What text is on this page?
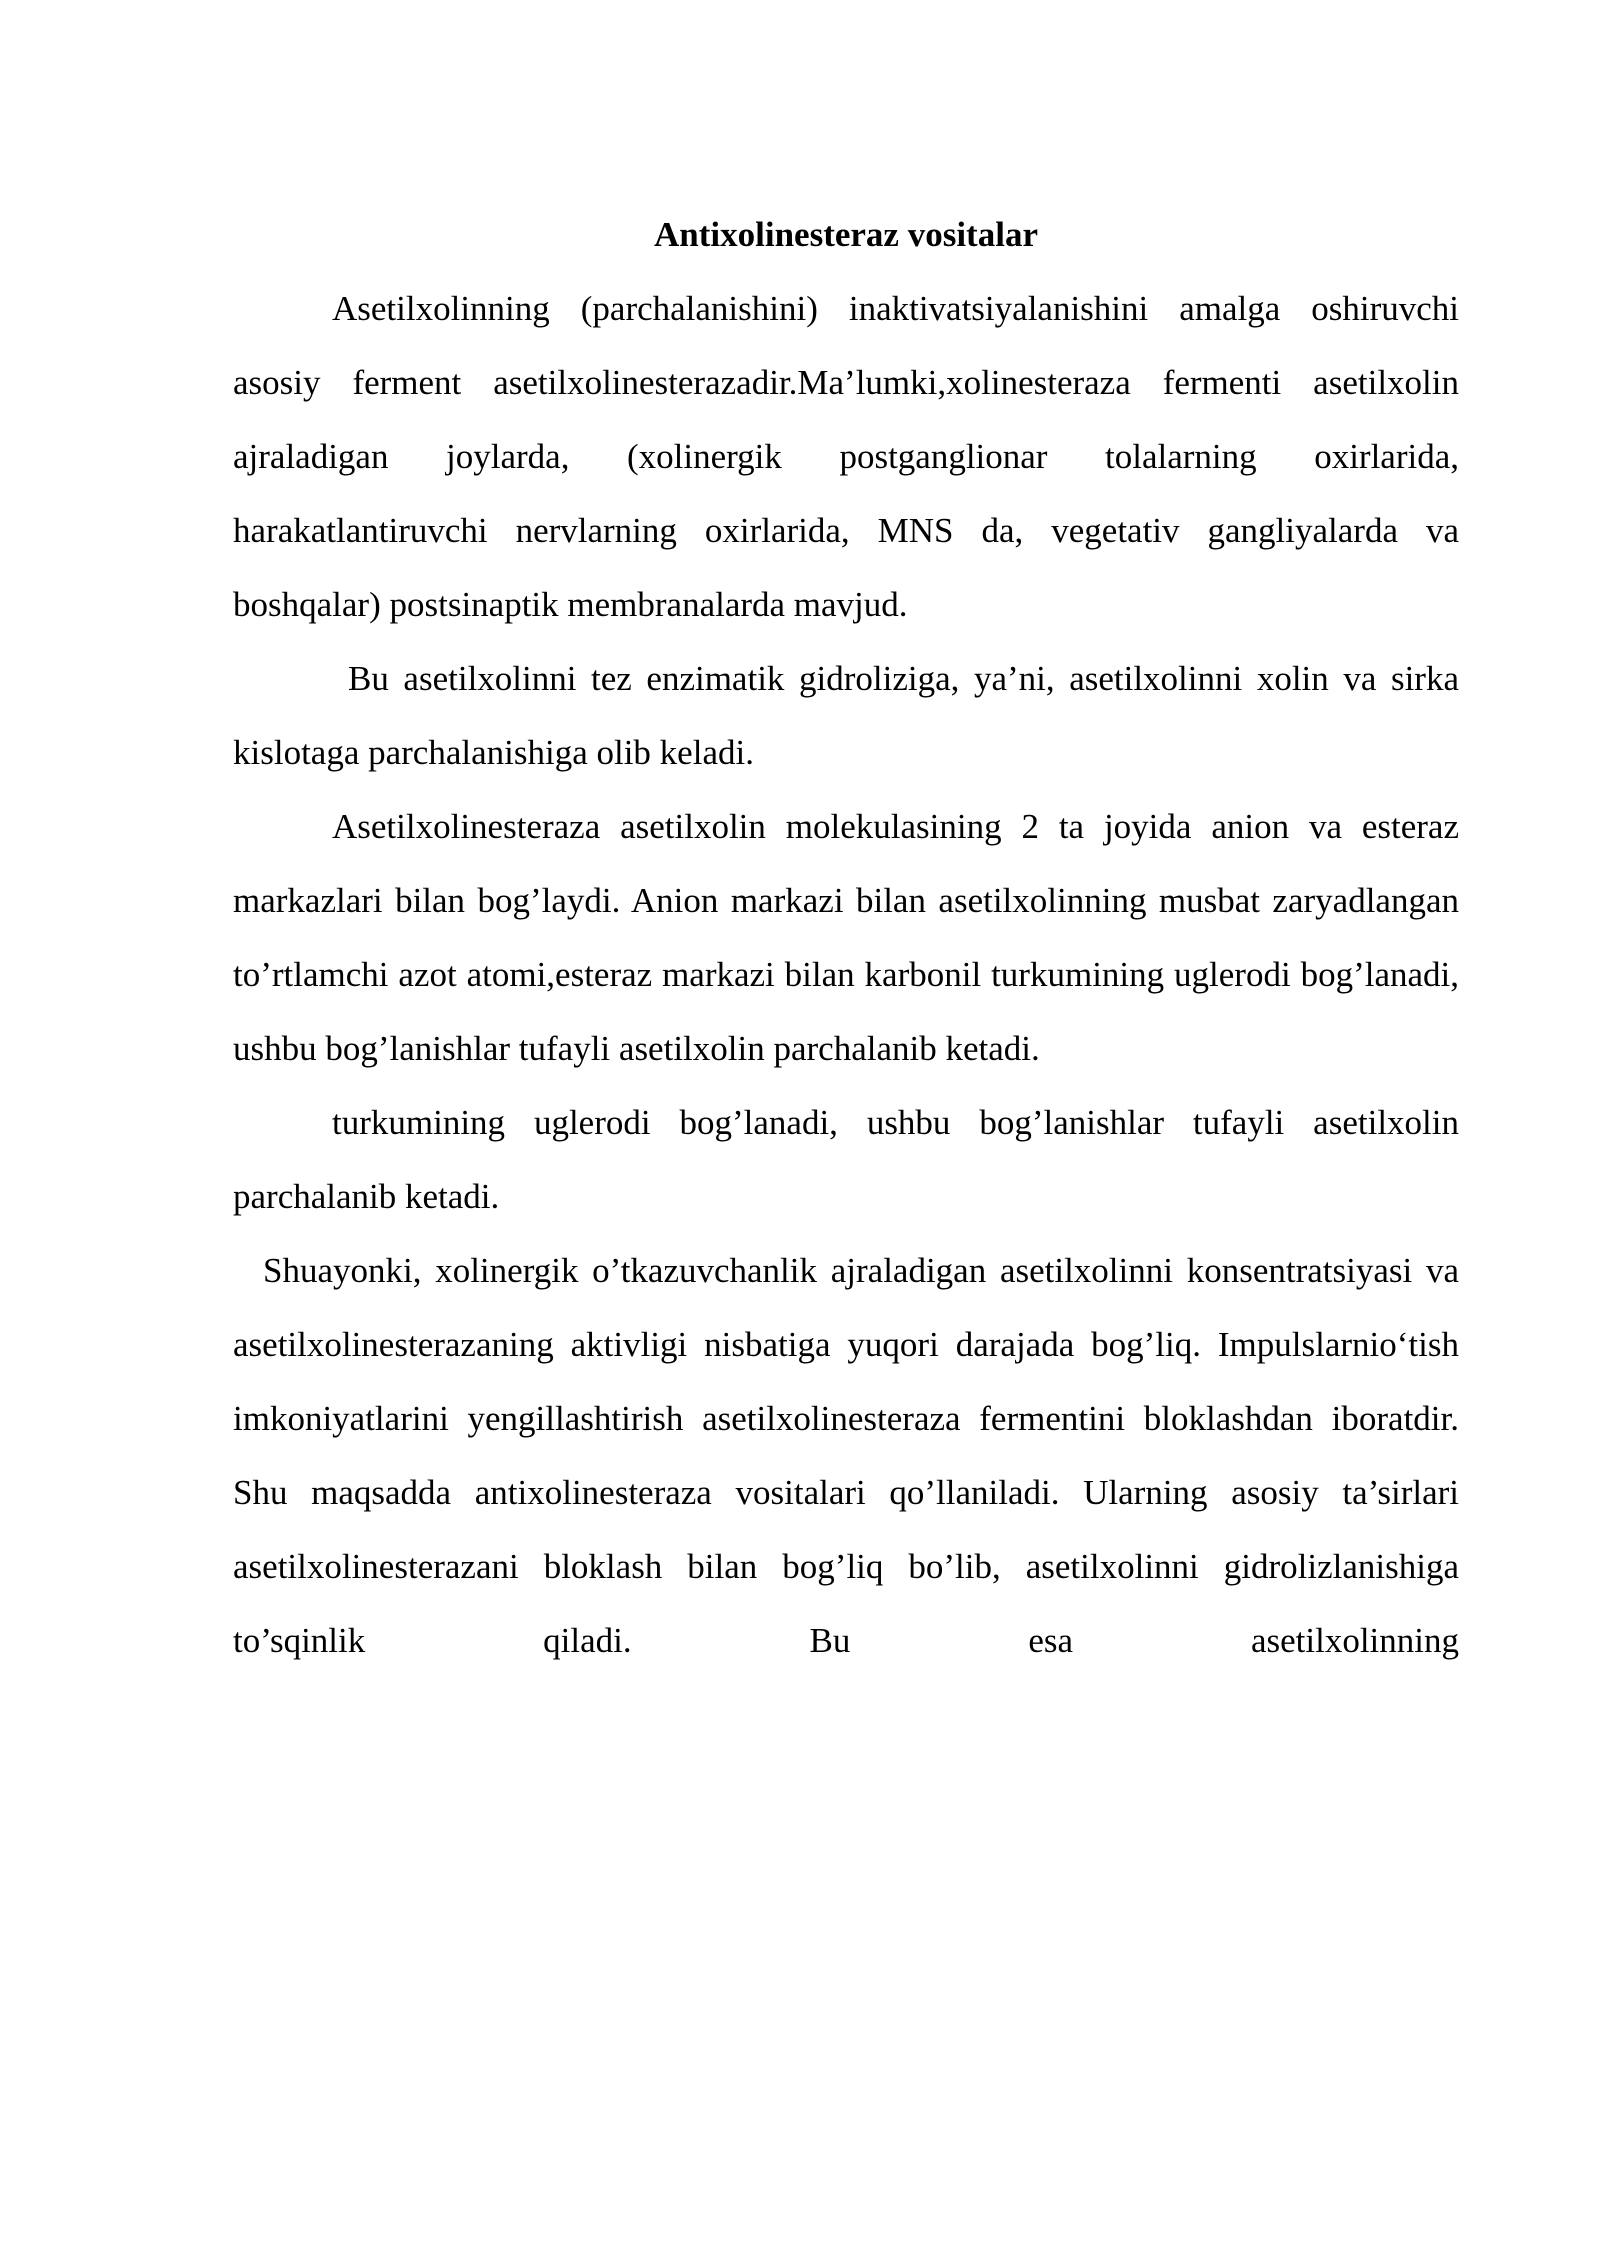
Antixolinesteraz vositalar

Asetilxolinning (parchalanishini) inaktivatsiyalanishini amalga oshiruvchi asosiy ferment asetilxolinesterazadir.Ma’lumki,xolinesteraza fermenti asetilxolin ajraladigan joylarda, (xolinergik postganglionar tolalarning oxirlarida, harakatlantiruvchi nervlarning oxirlarida, MNS da, vegetativ gangliyalarda va boshqalar) postsinaptik membranalarda mavjud.

Bu asetilxolinni tez enzimatik gidroliziga, ya’ni, asetilxolinni xolin va sirka kislotaga parchalanishiga olib keladi.

Asetilxolinesteraza asetilxolin molekulasining 2 ta joyida anion va esteraz markazlari bilan bog’laydi. Anion markazi bilan asetilxolinning musbat zaryadlangan to’rtlamchi azot atomi,esteraz markazi bilan karbonil turkumining uglerodi bog’lanadi, ushbu bog’lanishlar tufayli asetilxolin parchalanib ketadi.

turkumining uglerodi bog’lanadi, ushbu bog’lanishlar tufayli asetilxolin parchalanib ketadi.

Shuayonki, xolinergik o’tkazuvchanlik ajraladigan asetilxolinni konsentratsiyasi va asetilxolinesterazaning aktivligi nisbatiga yuqori darajada bog’liq. Impulslarnioʻtish imkoniyatlarini yengillashtirish asetilxolinesteraza fermentini bloklashdan iboratdir. Shu maqsadda antixolinesteraza vositalari qo’llaniladi. Ularning asosiy ta’sirlari asetilxolinesterazani bloklash bilan bog’liq bo’lib, asetilxolinni gidrolizlanishiga to’sqinlik qiladi. Bu esa asetilxolinning
